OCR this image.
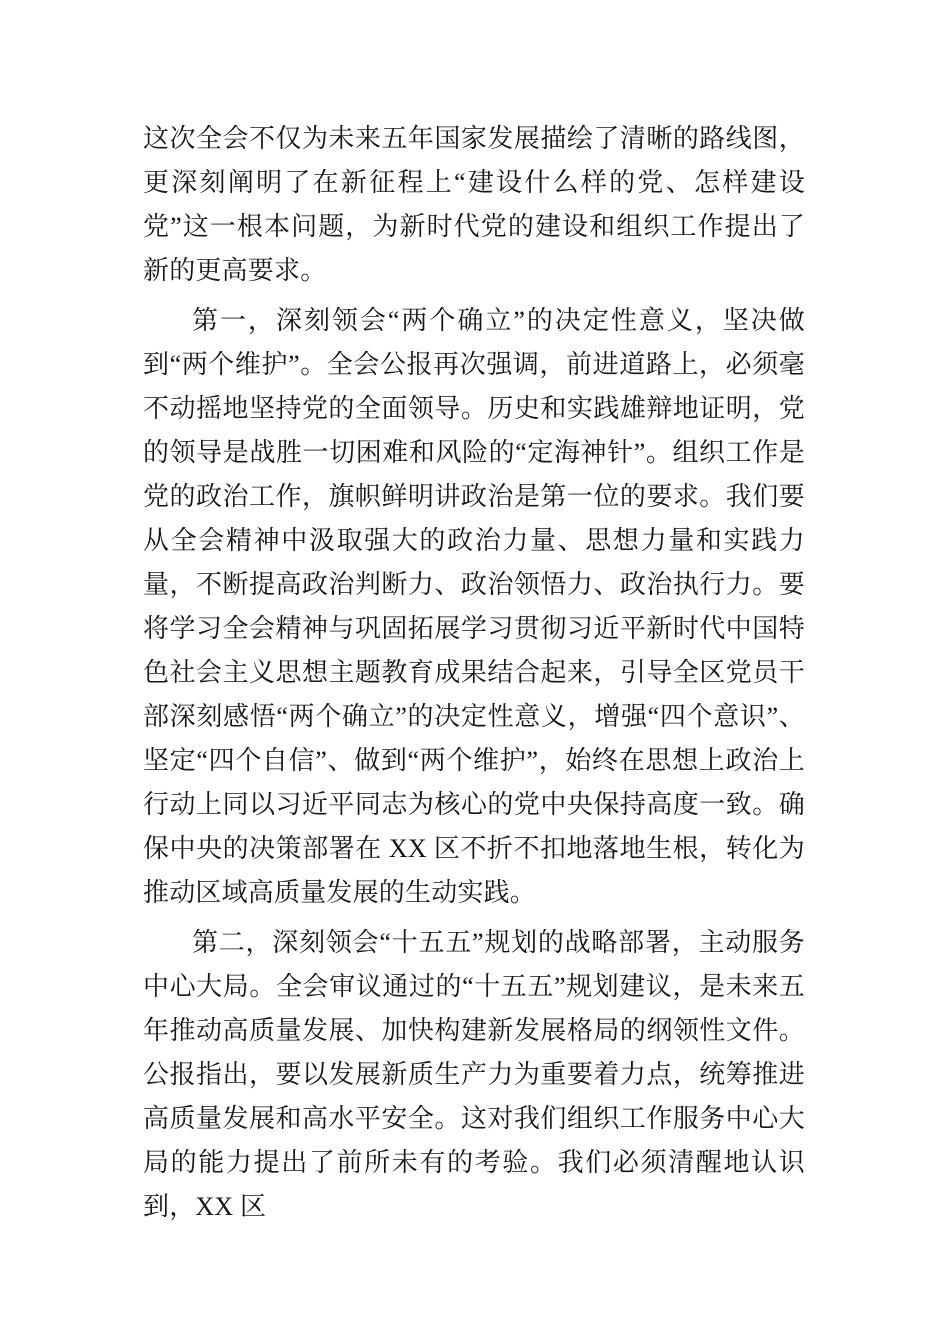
这次全会不仅为未来五年国家发展描绘了清晰的路线图，更深刻阐明了在新征程上“建设什么样的党、怎样建设党”这一根本问题，为新时代党的建设和组织工作提出了新的更高要求。

第一，深刻领会“两个确立”的决定性意义，坚决做到“两个维护”。全会公报再次强调，前进道路上，必须毫不动摇地坚持党的全面领导。历史和实践雄辩地证明，党的领导是战胜一切困难和风险的“定海神针”。组织工作是党的政治工作，旗帜鲜明讲政治是第一位的要求。我们要从全会精神中汲取强大的政治力量、思想力量和实践力量，不断提高政治判断力、政治领悟力、政治执行力。要将学习全会精神与巩固拓展学习贯彻习近平新时代中国特色社会主义思想主题教育成果结合起来，引导全区党员干部深刻感悟“两个确立”的决定性意义，增强“四个意识”、坚定“四个自信”、做到“两个维护”，始终在思想上政治上行动上同以习近平同志为核心的党中央保持高度一致。确保中央的决策部署在 XX 区不折不扣地落地生根，转化为推动区域高质量发展的生动实践。

第二，深刻领会“十五五”规划的战略部署，主动服务中心大局。全会审议通过的“十五五”规划建议，是未来五年推动高质量发展、加快构建新发展格局的纲领性文件。公报指出，要以发展新质生产力为重要着力点，统筹推进高质量发展和高水平安全。这对我们组织工作服务中心大局的能力提出了前所未有的考验。我们必须清醒地认识到，XX 区
